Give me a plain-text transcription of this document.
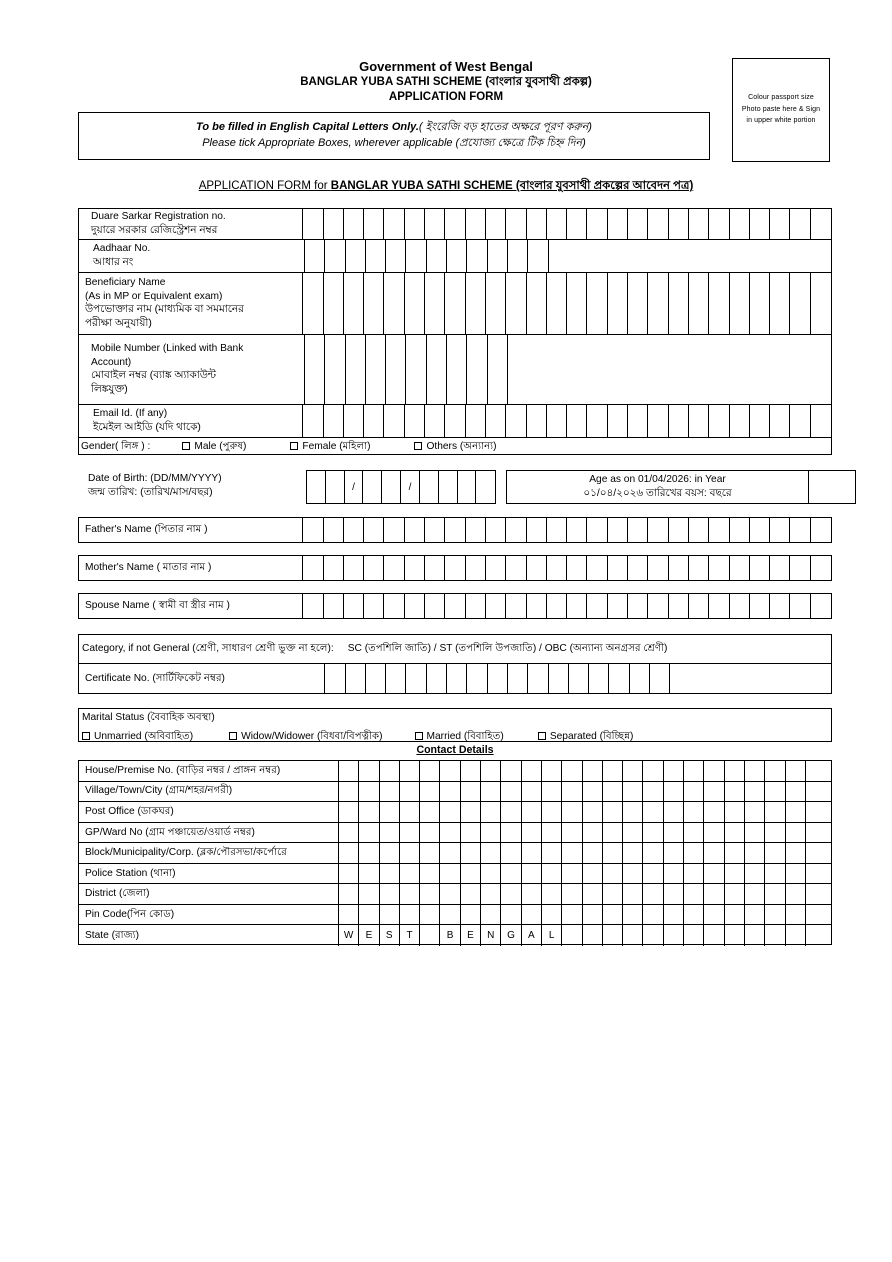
Government of West Bengal
BANGLAR YUBA SATHI SCHEME (বাংলার যুবসাথী প্রকল্প)
APPLICATION FORM
To be filled in English Capital Letters Only.( ইংরেজি বড় হাতের অক্ষরে পূরণ করুন)
Please tick Appropriate Boxes, wherever applicable (প্রযোজ্য ক্ষেত্রে টিক চিহ্ন দিন)
Colour passport size
Photo paste here & Sign
in upper white portion
APPLICATION FORM for BANGLAR YUBA SATHI SCHEME (বাংলার যুবসাথী প্রকল্পের আবেদন পত্র)
Duare Sarkar Registration no.
দুয়ারে সরকার রেজিস্ট্রেশন নম্বর
Aadhaar No.
আধার নং
Beneficiary Name
(As in MP or Equivalent exam)
উপভোক্তার নাম (মাধ্যমিক বা সমমানের
পরীক্ষা অনুযায়ী)
Mobile Number (Linked with Bank
Account)
মোবাইল নম্বর (ব্যাঙ্ক অ্যাকাউন্ট
লিঙ্কযুক্ত)
Email Id. (If any)
ইমেইল আইডি (যদি থাকে)
Gender( লিঙ্গ ) :	Male (পুরুষ)	Female (মহিলা)	Others (অন্যান্য)
Date of Birth: (DD/MM/YYYY)
জন্ম তারিখ: (তারিখ/মাস/বছর)	/	/
Age as on 01/04/2026: in Year
০১/০৪/২০২৬ তারিখের বয়স: বছরে
Father's Name (পিতার নাম )
Mother's Name ( মাতার নাম )
Spouse Name ( স্বামী বা স্ত্রীর নাম )
Category, if not General (শ্রেণী, সাধারণ শ্রেণী ভুক্ত না হলে): SC (তপশিলি জাতি) / ST (তপশিলি উপজাতি) / OBC (অন্যান্য অনগ্রসর শ্রেণী)
Certificate No. (সার্টিফিকেট নম্বর)
Marital Status (বৈবাহিক অবস্থা)
Unmarried (অবিবাহিত)	Widow/Widower (বিধবা/বিপত্নীক)	Married (বিবাহিত)	Separated (বিচ্ছিন্ন)
Contact Details
House/Premise No. (বাড়ির নম্বর / প্রাঙ্গন নম্বর)
Village/Town/City (গ্রাম/শহর/নগরী)
Post Office (ডাকঘর)
GP/Ward No (গ্রাম পঞ্চায়েত/ওয়ার্ড নম্বর)
Block/Municipality/Corp. (ব্লক/পৌরসভা/কর্পোরে
Police Station (থানা)
District (জেলা)
Pin Code(পিন কোড)
State (রাজ্য)	W	E	S	T	B	E	N	G	A	L
